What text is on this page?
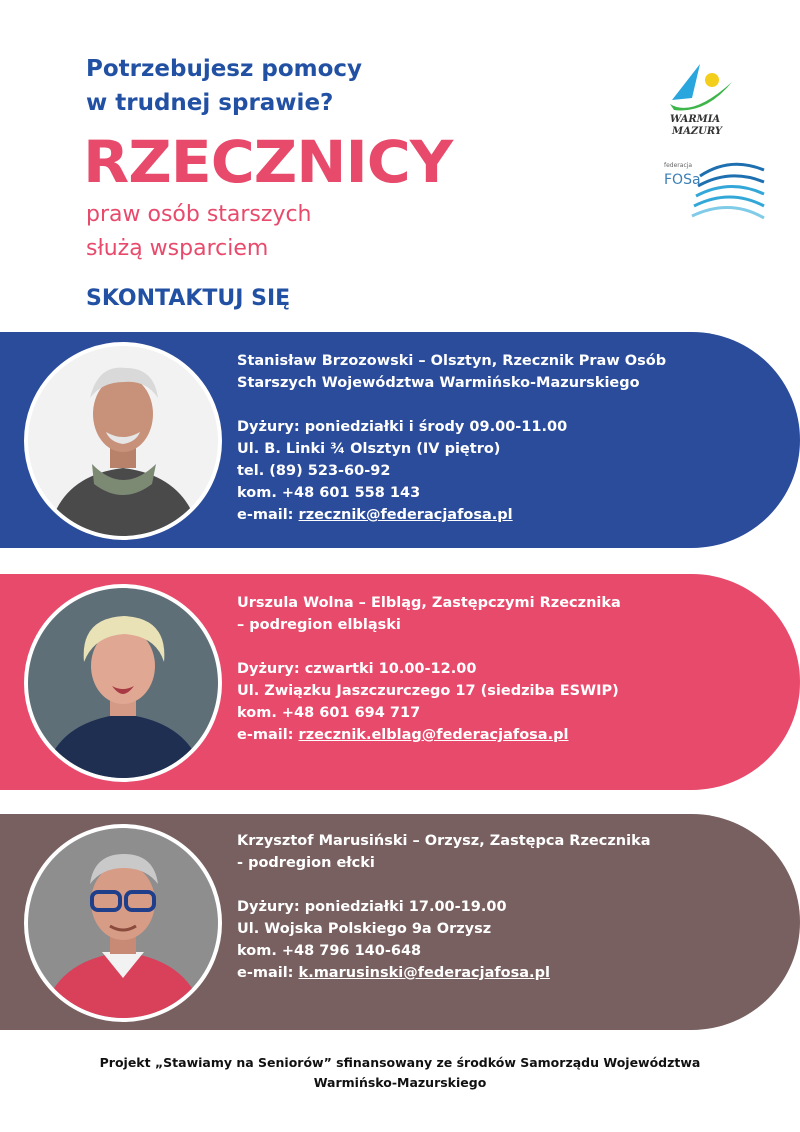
Potrzebujesz pomocy
w trudnej sprawie?
RZECZNICY
praw osób starszych
służą wsparciem
SKONTAKTUJ SIĘ
WARMIA
MAZURY
federacja
FOSa
Stanisław Brzozowski – Olsztyn, Rzecznik Praw Osób
Starszych Województwa Warmińsko-Mazurskiego
Dyżury: poniedziałki i środy 09.00-11.00
Ul. B. Linki ¾ Olsztyn (IV piętro)
tel. (89) 523-60-92
kom. +48 601 558 143
e-mail: rzecznik@federacjafosa.pl
Urszula Wolna – Elbląg, Zastępczymi Rzecznika
– podregion elbląski
Dyżury: czwartki 10.00-12.00
Ul. Związku Jaszczurczego 17 (siedziba ESWIP)
kom. +48 601 694 717
e-mail: rzecznik.elblag@federacjafosa.pl
Krzysztof Marusiński – Orzysz, Zastępca Rzecznika
- podregion ełcki
Dyżury: poniedziałki 17.00-19.00
Ul. Wojska Polskiego 9a Orzysz
kom. +48 796 140-648
e-mail: k.marusinski@federacjafosa.pl
Projekt „Stawiamy na Seniorów” sfinansowany ze środków Samorządu Województwa
Warmińsko-Mazurskiego
